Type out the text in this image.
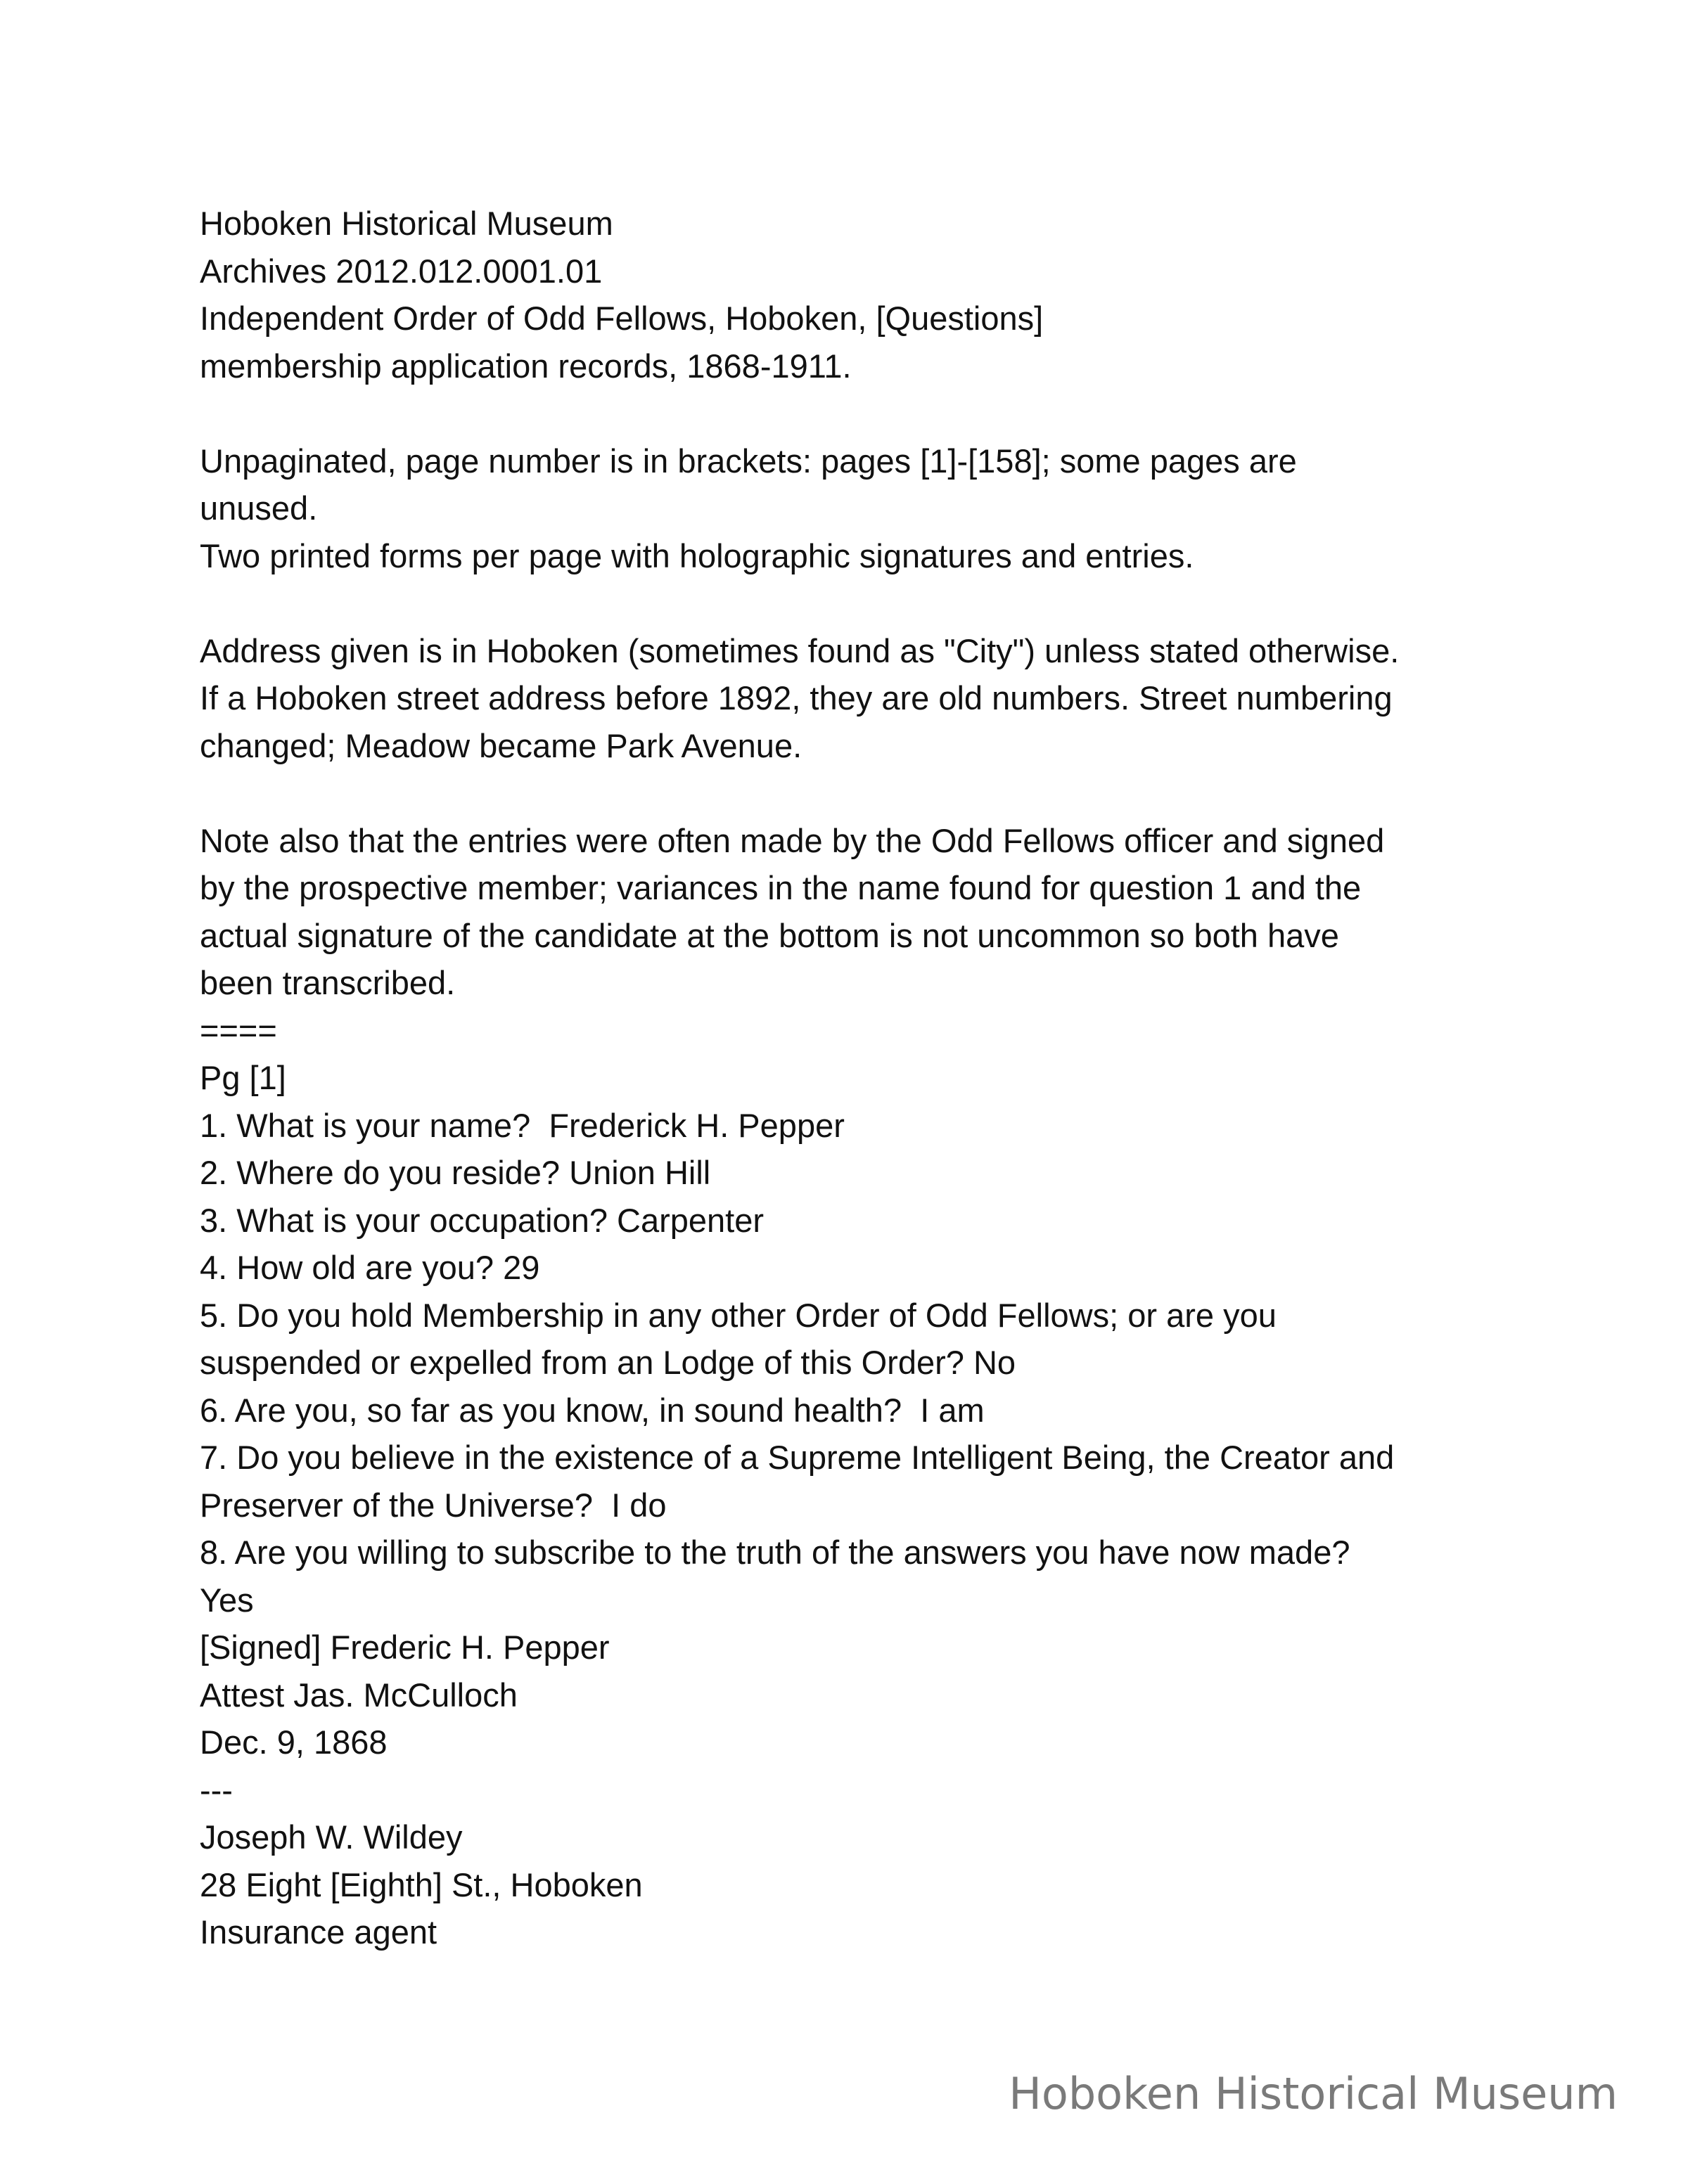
Hoboken Historical Museum

Archives 2012.012.0001.01

Independent Order of Odd Fellows, Hoboken, [Questions]

membership application records, 1868-1911.

Unpaginated, page number is in brackets: pages [1]-[158]; some pages are

unused.

Two printed forms per page with holographic signatures and entries.

Address given is in Hoboken (sometimes found as "City") unless stated otherwise.

If a Hoboken street address before 1892, they are old numbers. Street numbering

changed; Meadow became Park Avenue.

Note also that the entries were often made by the Odd Fellows officer and signed

by the prospective member; variances in the name found for question 1 and the

actual signature of the candidate at the bottom is not uncommon so both have

been transcribed.

====

Pg [1]

1. What is your name?  Frederick H. Pepper

2. Where do you reside? Union Hill

3. What is your occupation? Carpenter

4. How old are you? 29

5. Do you hold Membership in any other Order of Odd Fellows; or are you

suspended or expelled from an Lodge of this Order? No

6. Are you, so far as you know, in sound health?  I am

7. Do you believe in the existence of a Supreme Intelligent Being, the Creator and

Preserver of the Universe?  I do

8. Are you willing to subscribe to the truth of the answers you have now made?

Yes

[Signed] Frederic H. Pepper

Attest Jas. McCulloch

Dec. 9, 1868

---

Joseph W. Wildey

28 Eight [Eighth] St., Hoboken

Insurance agent

Hoboken Historical Museum
